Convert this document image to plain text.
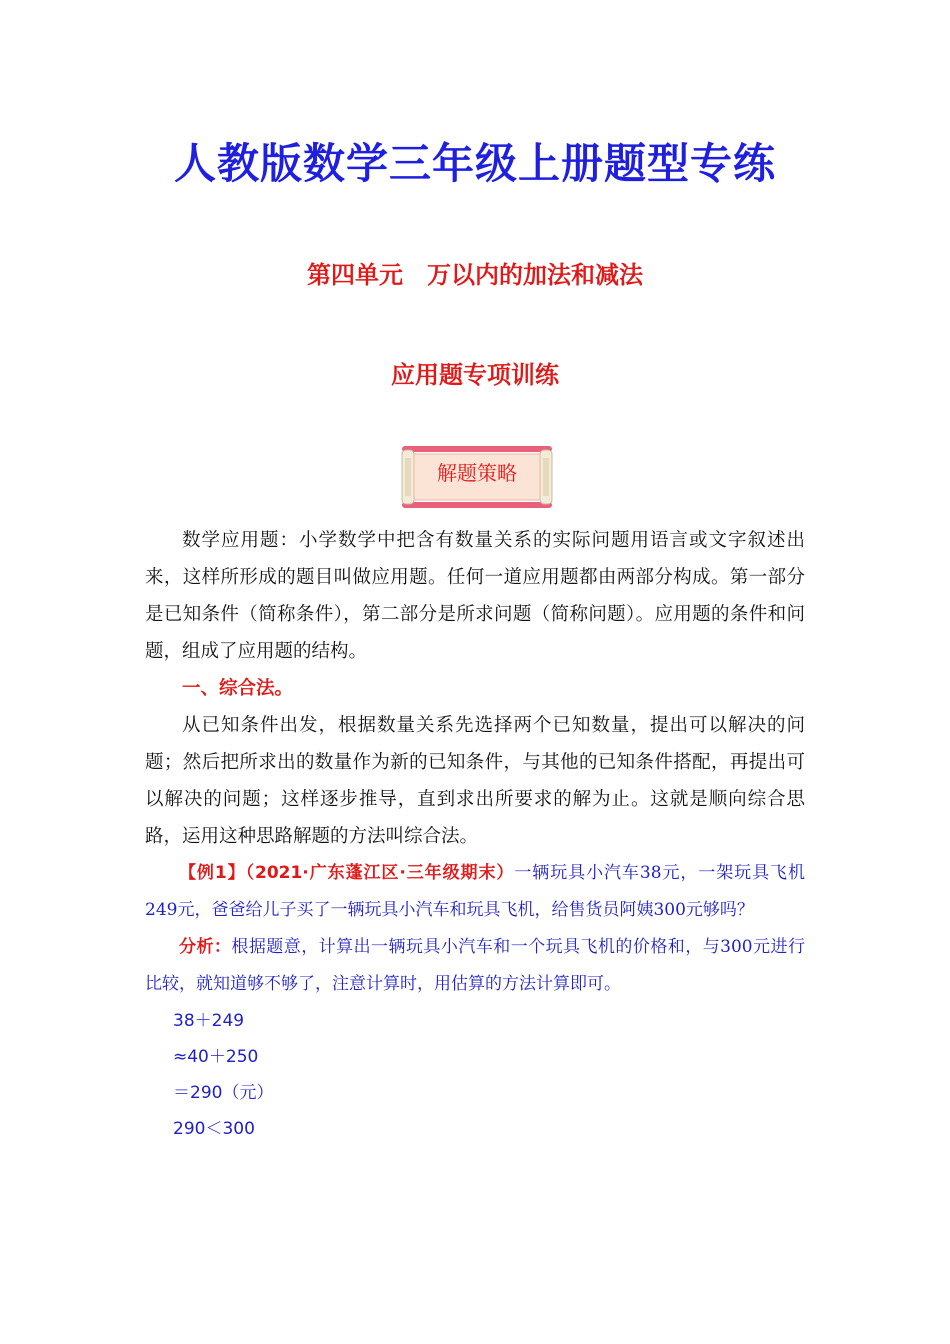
人教版数学三年级上册题型专练
第四单元　万以内的加法和减法
应用题专项训练
解题策略

数学应用题：小学数学中把含有数量关系的实际问题用语言或文字叙述出来，这样所形成的题目叫做应用题。任何一道应用题都由两部分构成。第一部分是已知条件（简称条件），第二部分是所求问题（简称问题）。应用题的条件和问题，组成了应用题的结构。

一、综合法。

从已知条件出发，根据数量关系先选择两个已知数量，提出可以解决的问题；然后把所求出的数量作为新的已知条件，与其他的已知条件搭配，再提出可以解决的问题；这样逐步推导，直到求出所要求的解为止。这就是顺向综合思路，运用这种思路解题的方法叫综合法。

【例1】（2021·广东蓬江区·三年级期末）一辆玩具小汽车38元，一架玩具飞机249元，爸爸给儿子买了一辆玩具小汽车和玩具飞机，给售货员阿姨300元够吗？

分析：根据题意，计算出一辆玩具小汽车和一个玩具飞机的价格和，与300元进行比较，就知道够不够了，注意计算时，用估算的方法计算即可。

38＋249

≈40＋250

＝290（元）

290＜300
